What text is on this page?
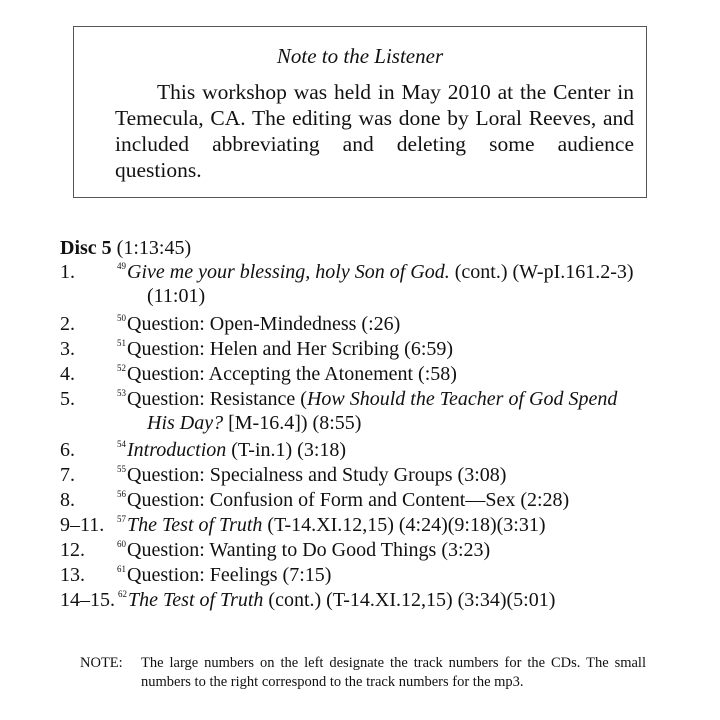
Note to the Listener
This workshop was held in May 2010 at the Center in Temecula, CA. The editing was done by Loral Reeves, and included abbreviating and deleting some audience questions.
Disc 5 (1:13:45)
1.	$^{49}$Give me your blessing, holy Son of God. (cont.) (W-pI.161.2-3)
(11:01)
2.	$^{50}$Question: Open-Mindedness (:26)
3.	$^{51}$Question: Helen and Her Scribing (6:59)
4.	$^{52}$Question: Accepting the Atonement (:58)
5.	$^{53}$Question: Resistance (How Should the Teacher of God Spend
His Day? [M-16.4]) (8:55)
6.	$^{54}$Introduction (T-in.1) (3:18)
7.	$^{55}$Question: Specialness and Study Groups (3:08)
8.	$^{56}$Question: Confusion of Form and Content—Sex (2:28)
9–11. $^{57}$The Test of Truth (T-14.XI.12,15) (4:24)(9:18)(3:31)
12.	$^{60}$Question: Wanting to Do Good Things (3:23)
13.	$^{61}$Question: Feelings (7:15)
14–15. $^{62}$The Test of Truth (cont.) (T-14.XI.12,15) (3:34)(5:01)
NOTE: The large numbers on the left designate the track numbers for the CDs. The small numbers to the right correspond to the track numbers for the mp3.
